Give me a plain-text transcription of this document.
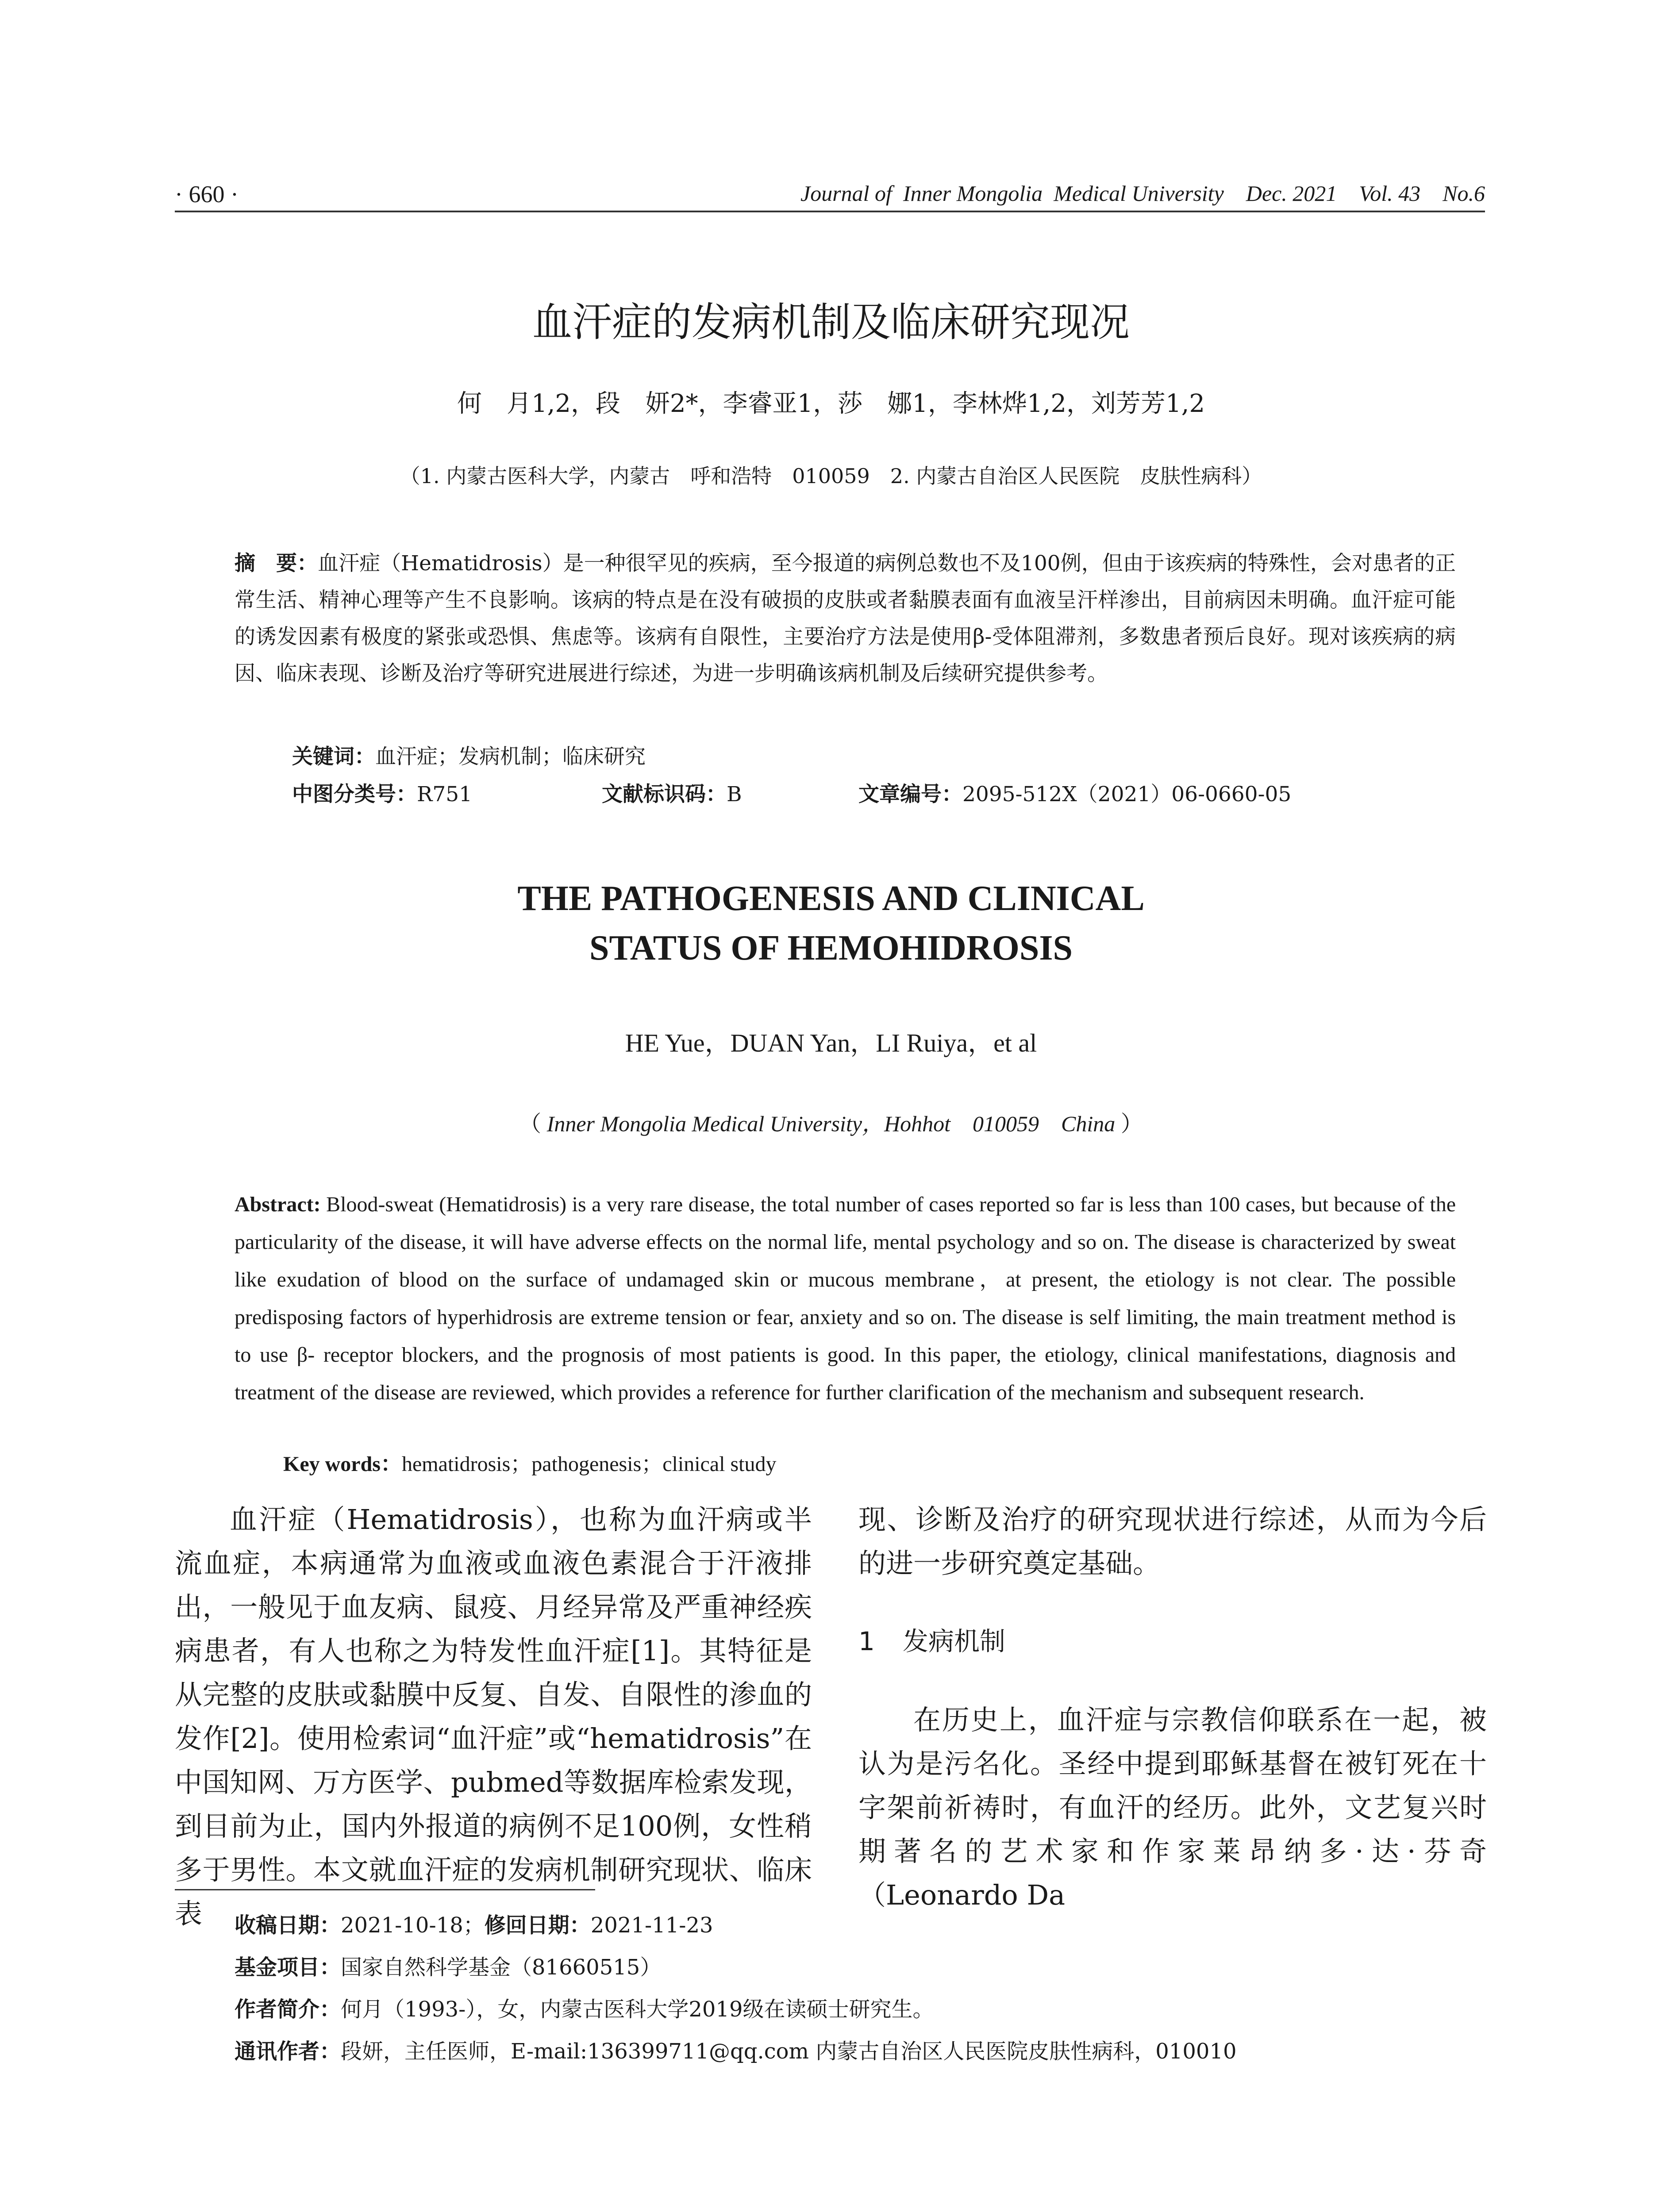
· 660 ·	Journal of  Inner Mongolia  Medical University    Dec. 2021    Vol. 43    No.6
血汗症的发病机制及临床研究现况
何　月1,2，段　妍2*，李睿亚1，莎　娜1，李林烨1,2，刘芳芳1,2
（1. 内蒙古医科大学，内蒙古　呼和浩特　010059　2. 内蒙古自治区人民医院　皮肤性病科）
摘　要：血汗症（Hematidrosis）是一种很罕见的疾病，至今报道的病例总数也不及100例，但由于该疾病的特殊性，会对患者的正常生活、精神心理等产生不良影响。该病的特点是在没有破损的皮肤或者黏膜表面有血液呈汗样渗出，目前病因未明确。血汗症可能的诱发因素有极度的紧张或恐惧、焦虑等。该病有自限性，主要治疗方法是使用β-受体阻滞剂，多数患者预后良好。现对该疾病的病因、临床表现、诊断及治疗等研究进展进行综述，为进一步明确该病机制及后续研究提供参考。
关键词：血汗症；发病机制；临床研究
中图分类号：R751	文献标识码：B	文章编号：2095-512X（2021）06-0660-05
THE PATHOGENESIS AND CLINICAL
STATUS OF HEMOHIDROSIS
HE Yue，DUAN Yan，LI Ruiya，et al
（ Inner Mongolia Medical University，Hohhot　010059　China ）
Abstract: Blood-sweat (Hematidrosis) is a very rare disease, the total number of cases reported so far is less than 100 cases, but because of the particularity of the disease, it will have adverse effects on the normal life, mental psychology and so on. The disease is characterized by sweat like exudation of blood on the surface of undamaged skin or mucous membrane，at present, the etiology is not clear. The possible predisposing factors of hyperhidrosis are extreme tension or fear, anxiety and so on. The disease is self limiting, the main treatment method is to use β- receptor blockers, and the prognosis of most patients is good. In this paper, the etiology, clinical manifestations, diagnosis and treatment of the disease are reviewed, which provides a reference for further clarification of the mechanism and subsequent research.
Key words：hematidrosis；pathogenesis；clinical study

血汗症（Hematidrosis），也称为血汗病或半流血症，本病通常为血液或血液色素混合于汗液排出，一般见于血友病、鼠疫、月经异常及严重神经疾病患者，有人也称之为特发性血汗症[1]。其特征是从完整的皮肤或黏膜中反复、自发、自限性的渗血的发作[2]。使用检索词“血汗症”或“hematidrosis”在中国知网、万方医学、pubmed等数据库检索发现，到目前为止，国内外报道的病例不足100例，女性稍多于男性。本文就血汗症的发病机制研究现状、临床表

现、诊断及治疗的研究现状进行综述，从而为今后的进一步研究奠定基础。

1 发病机制

在历史上，血汗症与宗教信仰联系在一起，被认为是污名化。圣经中提到耶稣基督在被钉死在十字架前祈祷时，有血汗的经历。此外，文艺复兴时期著名的艺术家和作家莱昂纳多·达·芬奇（Leonardo Da

收稿日期：2021-10-18；修回日期：2021-11-23
基金项目：国家自然科学基金（81660515）
作者简介：何月（1993-），女，内蒙古医科大学2019级在读硕士研究生。
通讯作者：段妍，主任医师，E-mail:136399711@qq.com 内蒙古自治区人民医院皮肤性病科，010010
